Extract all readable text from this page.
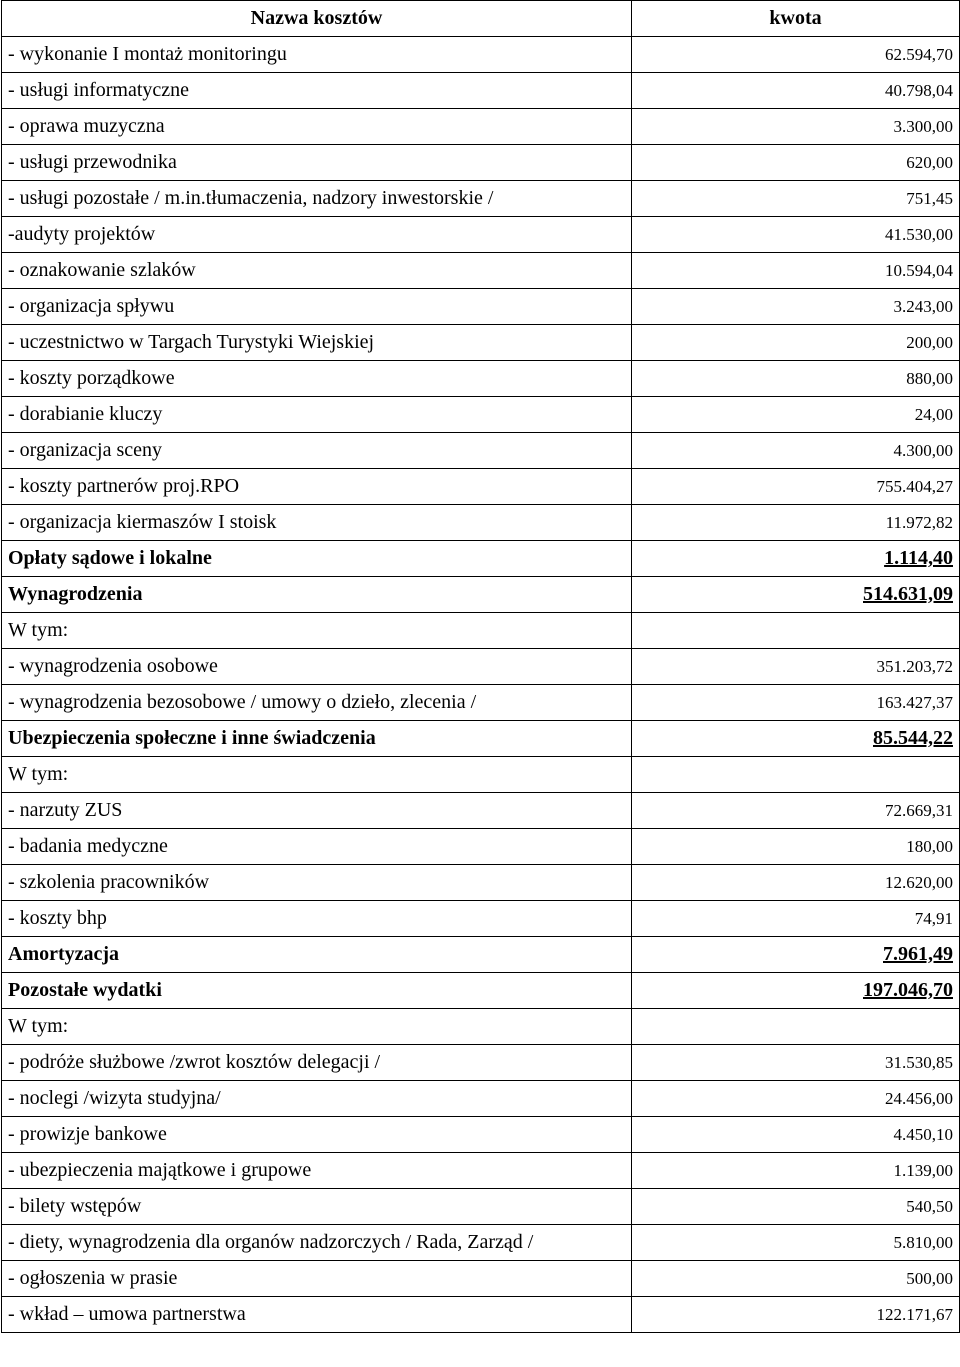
Nazwa kosztów	kwota
- wykonanie I montaż monitoringu	62.594,70
- usługi informatyczne	40.798,04
- oprawa muzyczna	3.300,00
- usługi przewodnika	620,00
- usługi pozostałe / m.in.tłumaczenia, nadzory inwestorskie /	751,45
-audyty projektów	41.530,00
- oznakowanie szlaków	10.594,04
- organizacja spływu	3.243,00
- uczestnictwo w Targach Turystyki Wiejskiej	200,00
- koszty porządkowe	880,00
- dorabianie kluczy	24,00
- organizacja sceny	4.300,00
- koszty partnerów proj.RPO	755.404,27
- organizacja kiermaszów I stoisk	11.972,82
Opłaty sądowe i lokalne	1.114,40
Wynagrodzenia	514.631,09
W tym:	
- wynagrodzenia osobowe	351.203,72
- wynagrodzenia bezosobowe / umowy o dzieło, zlecenia /	163.427,37
Ubezpieczenia społeczne i inne świadczenia	85.544,22
W tym:	
- narzuty ZUS	72.669,31
- badania medyczne	180,00
- szkolenia pracowników	12.620,00
- koszty bhp	74,91
Amortyzacja	7.961,49
Pozostałe wydatki	197.046,70
W tym:	
- podróże służbowe /zwrot kosztów delegacji /	31.530,85
- noclegi /wizyta studyjna/	24.456,00
- prowizje bankowe	4.450,10
- ubezpieczenia majątkowe i grupowe	1.139,00
- bilety wstępów	540,50
- diety, wynagrodzenia dla organów nadzorczych / Rada, Zarząd /	5.810,00
- ogłoszenia w prasie	500,00
- wkład – umowa partnerstwa	122.171,67
